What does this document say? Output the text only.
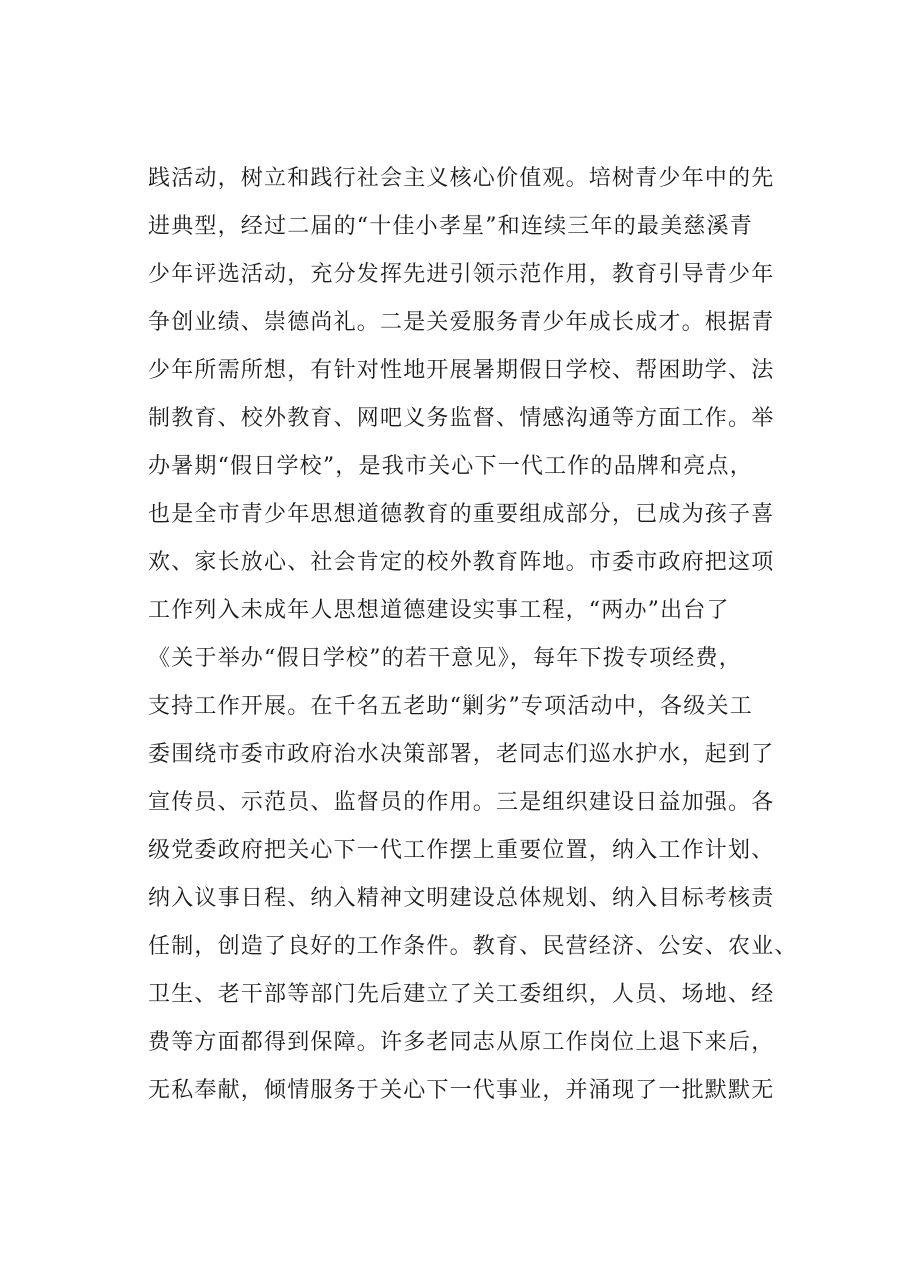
践活动，树立和践行社会主义核心价值观。培树青少年中的先
进典型，经过二届的“十佳小孝星”和连续三年的最美慈溪青
少年评选活动，充分发挥先进引领示范作用，教育引导青少年
争创业绩、崇德尚礼。二是关爱服务青少年成长成才。根据青
少年所需所想，有针对性地开展暑期假日学校、帮困助学、法
制教育、校外教育、网吧义务监督、情感沟通等方面工作。举
办暑期“假日学校”，是我市关心下一代工作的品牌和亮点，
也是全市青少年思想道德教育的重要组成部分，已成为孩子喜
欢、家长放心、社会肯定的校外教育阵地。市委市政府把这项
工作列入未成年人思想道德建设实事工程，“两办”出台了
《关于举办“假日学校”的若干意见》，每年下拨专项经费，
支持工作开展。在千名五老助“剿劣”专项活动中，各级关工
委围绕市委市政府治水决策部署，老同志们巡水护水，起到了
宣传员、示范员、监督员的作用。三是组织建设日益加强。各
级党委政府把关心下一代工作摆上重要位置，纳入工作计划、
纳入议事日程、纳入精神文明建设总体规划、纳入目标考核责
任制，创造了良好的工作条件。教育、民营经济、公安、农业、
卫生、老干部等部门先后建立了关工委组织，人员、场地、经
费等方面都得到保障。许多老同志从原工作岗位上退下来后，
无私奉献，倾情服务于关心下一代事业，并涌现了一批默默无
